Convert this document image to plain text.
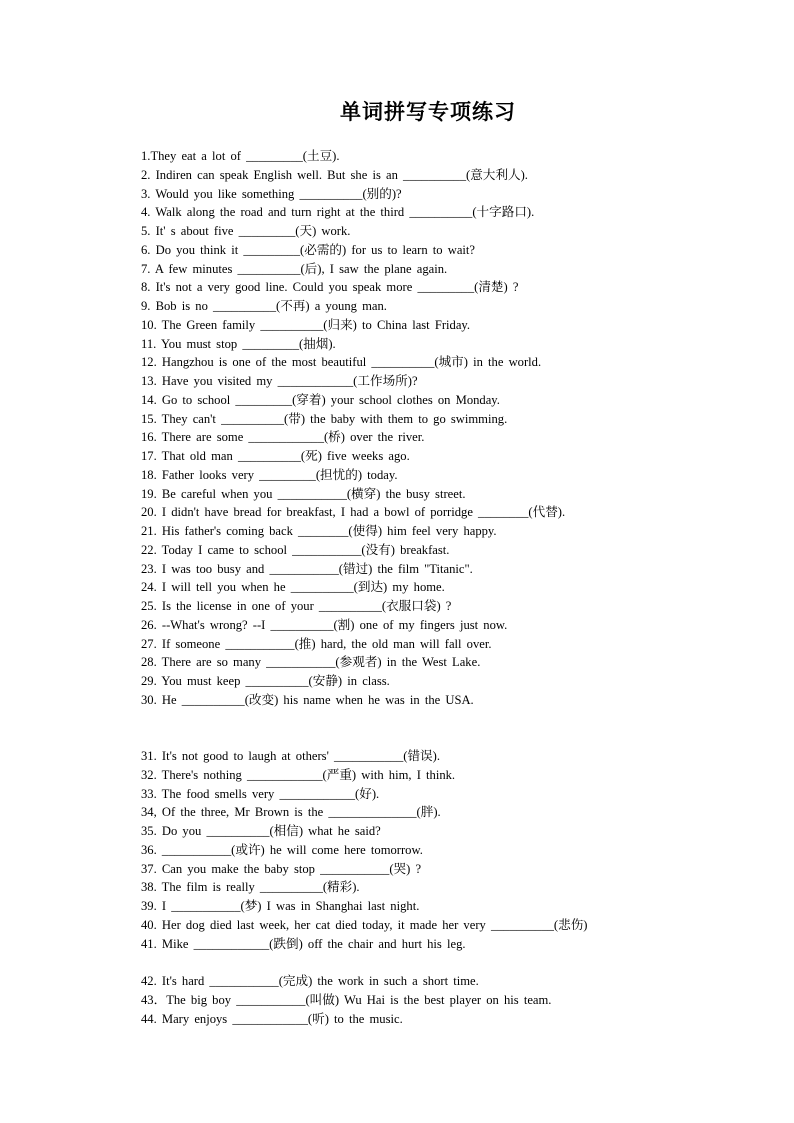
单词拼写专项练习
1.They eat a lot of _________(土豆).
2. Indiren can speak English well. But she is an __________(意大利人).
3. Would you like something __________(别的)?
4. Walk along the road and turn right at the third __________(十字路口).
5. It' s about five _________(天) work.
6. Do you think it _________(必需的) for us to learn to wait?
7. A few minutes __________(后), I saw the plane again.
8. It's not a very good line. Could you speak more _________(清楚) ?
9. Bob is no __________(不再) a young man.
10. The Green family __________(归来) to China last Friday.
11. You must stop _________(抽烟).
12. Hangzhou is one of the most beautiful __________(城市) in the world.
13. Have you visited my ____________(工作场所)?
14. Go to school _________(穿着) your school clothes on Monday.
15. They can't __________(带) the baby with them to go swimming.
16. There are some ____________(桥) over the river.
17. That old man __________(死) five weeks ago.
18. Father looks very _________(担忧的) today.
19. Be careful when you ___________(横穿) the busy street.
20. I didn't have bread for breakfast, I had a bowl of porridge ________(代替).
21. His father's coming back ________(使得) him feel very happy.
22. Today I came to school ___________(没有) breakfast.
23. I was too busy and ___________(错过) the film "Titanic".
24. I will tell you when he __________(到达) my home.
25. Is the license in one of your __________(衣服口袋) ?
26. --What's wrong? --I __________(割) one of my fingers just now.
27. If someone ___________(推) hard, the old man will fall over.
28. There are so many ___________(参观者) in the West Lake.
29. You must keep __________(安静) in class.
30. He __________(改变) his name when he was in the USA.
31. It's not good to laugh at others' ___________(错误).
32. There's nothing ____________(严重) with him, I think.
33. The food smells very ____________(好).
34, Of the three, Mr Brown is the ______________(胖).
35. Do you __________(相信) what he said?
36. ___________(或许) he will come here tomorrow.
37. Can you make the baby stop ___________(哭) ?
38. The film is really __________(精彩).
39. I ___________(梦) I was in Shanghai last night.
40. Her dog died last week, her cat died today, it made her very __________(悲伤)
41. Mike ____________(跌倒) off the chair and hurt his leg.
42. It's hard ___________(完成) the work in such a short time.
43．The big boy ___________(叫做) Wu Hai is the best player on his team.
44. Mary enjoys ____________(听) to the music.
